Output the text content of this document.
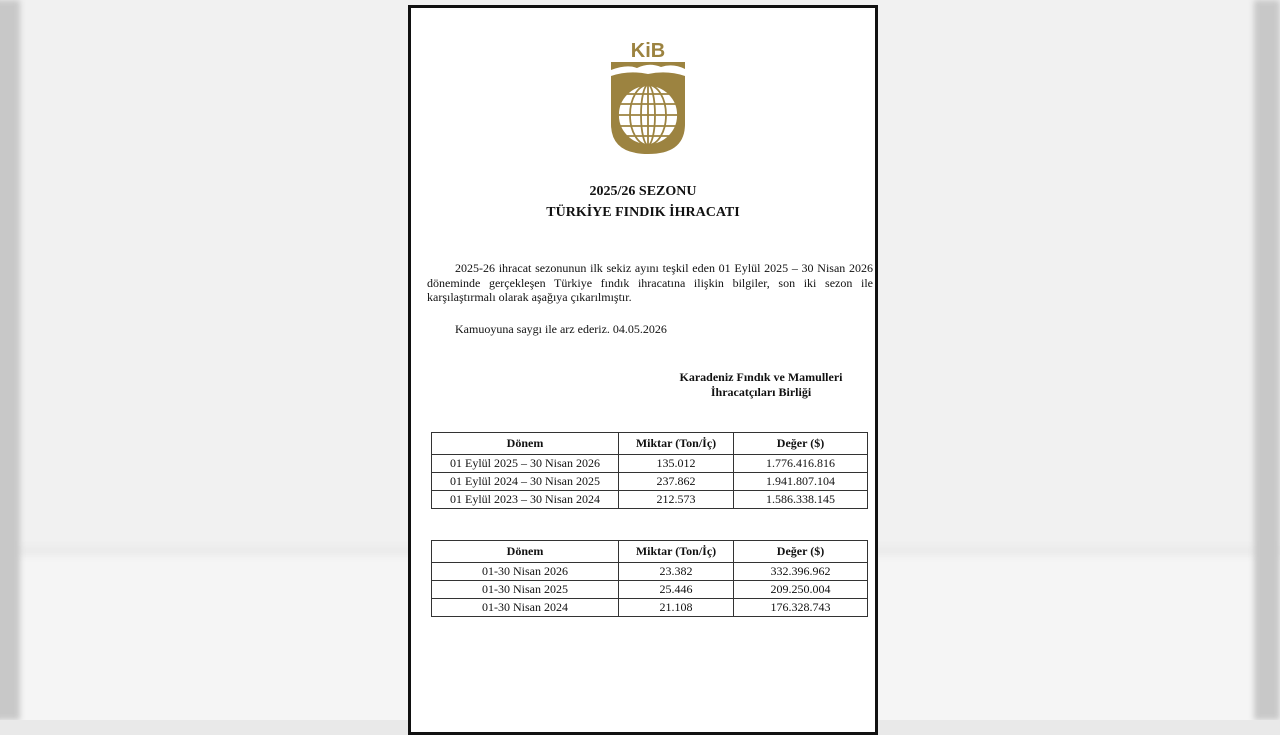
KiB
2025/26 SEZONU
TÜRKİYE FINDIK İHRACATI
2025-26 ihracat sezonunun ilk sekiz ayını teşkil eden 01 Eylül 2025 – 30 Nisan 2026 döneminde gerçekleşen Türkiye fındık ihracatına ilişkin bilgiler, son iki sezon ile karşılaştırmalı olarak aşağıya çıkarılmıştır.
Kamuoyuna saygı ile arz ederiz. 04.05.2026
Karadeniz Fındık ve Mamulleri
İhracatçıları Birliği
Dönem	Miktar (Ton/İç)	Değer ($)
01 Eylül 2025 – 30 Nisan 2026	135.012	1.776.416.816
01 Eylül 2024 – 30 Nisan 2025	237.862	1.941.807.104
01 Eylül 2023 – 30 Nisan 2024	212.573	1.586.338.145
Dönem	Miktar (Ton/İç)	Değer ($)
01-30 Nisan 2026	23.382	332.396.962
01-30 Nisan 2025	25.446	209.250.004
01-30 Nisan 2024	21.108	176.328.743
